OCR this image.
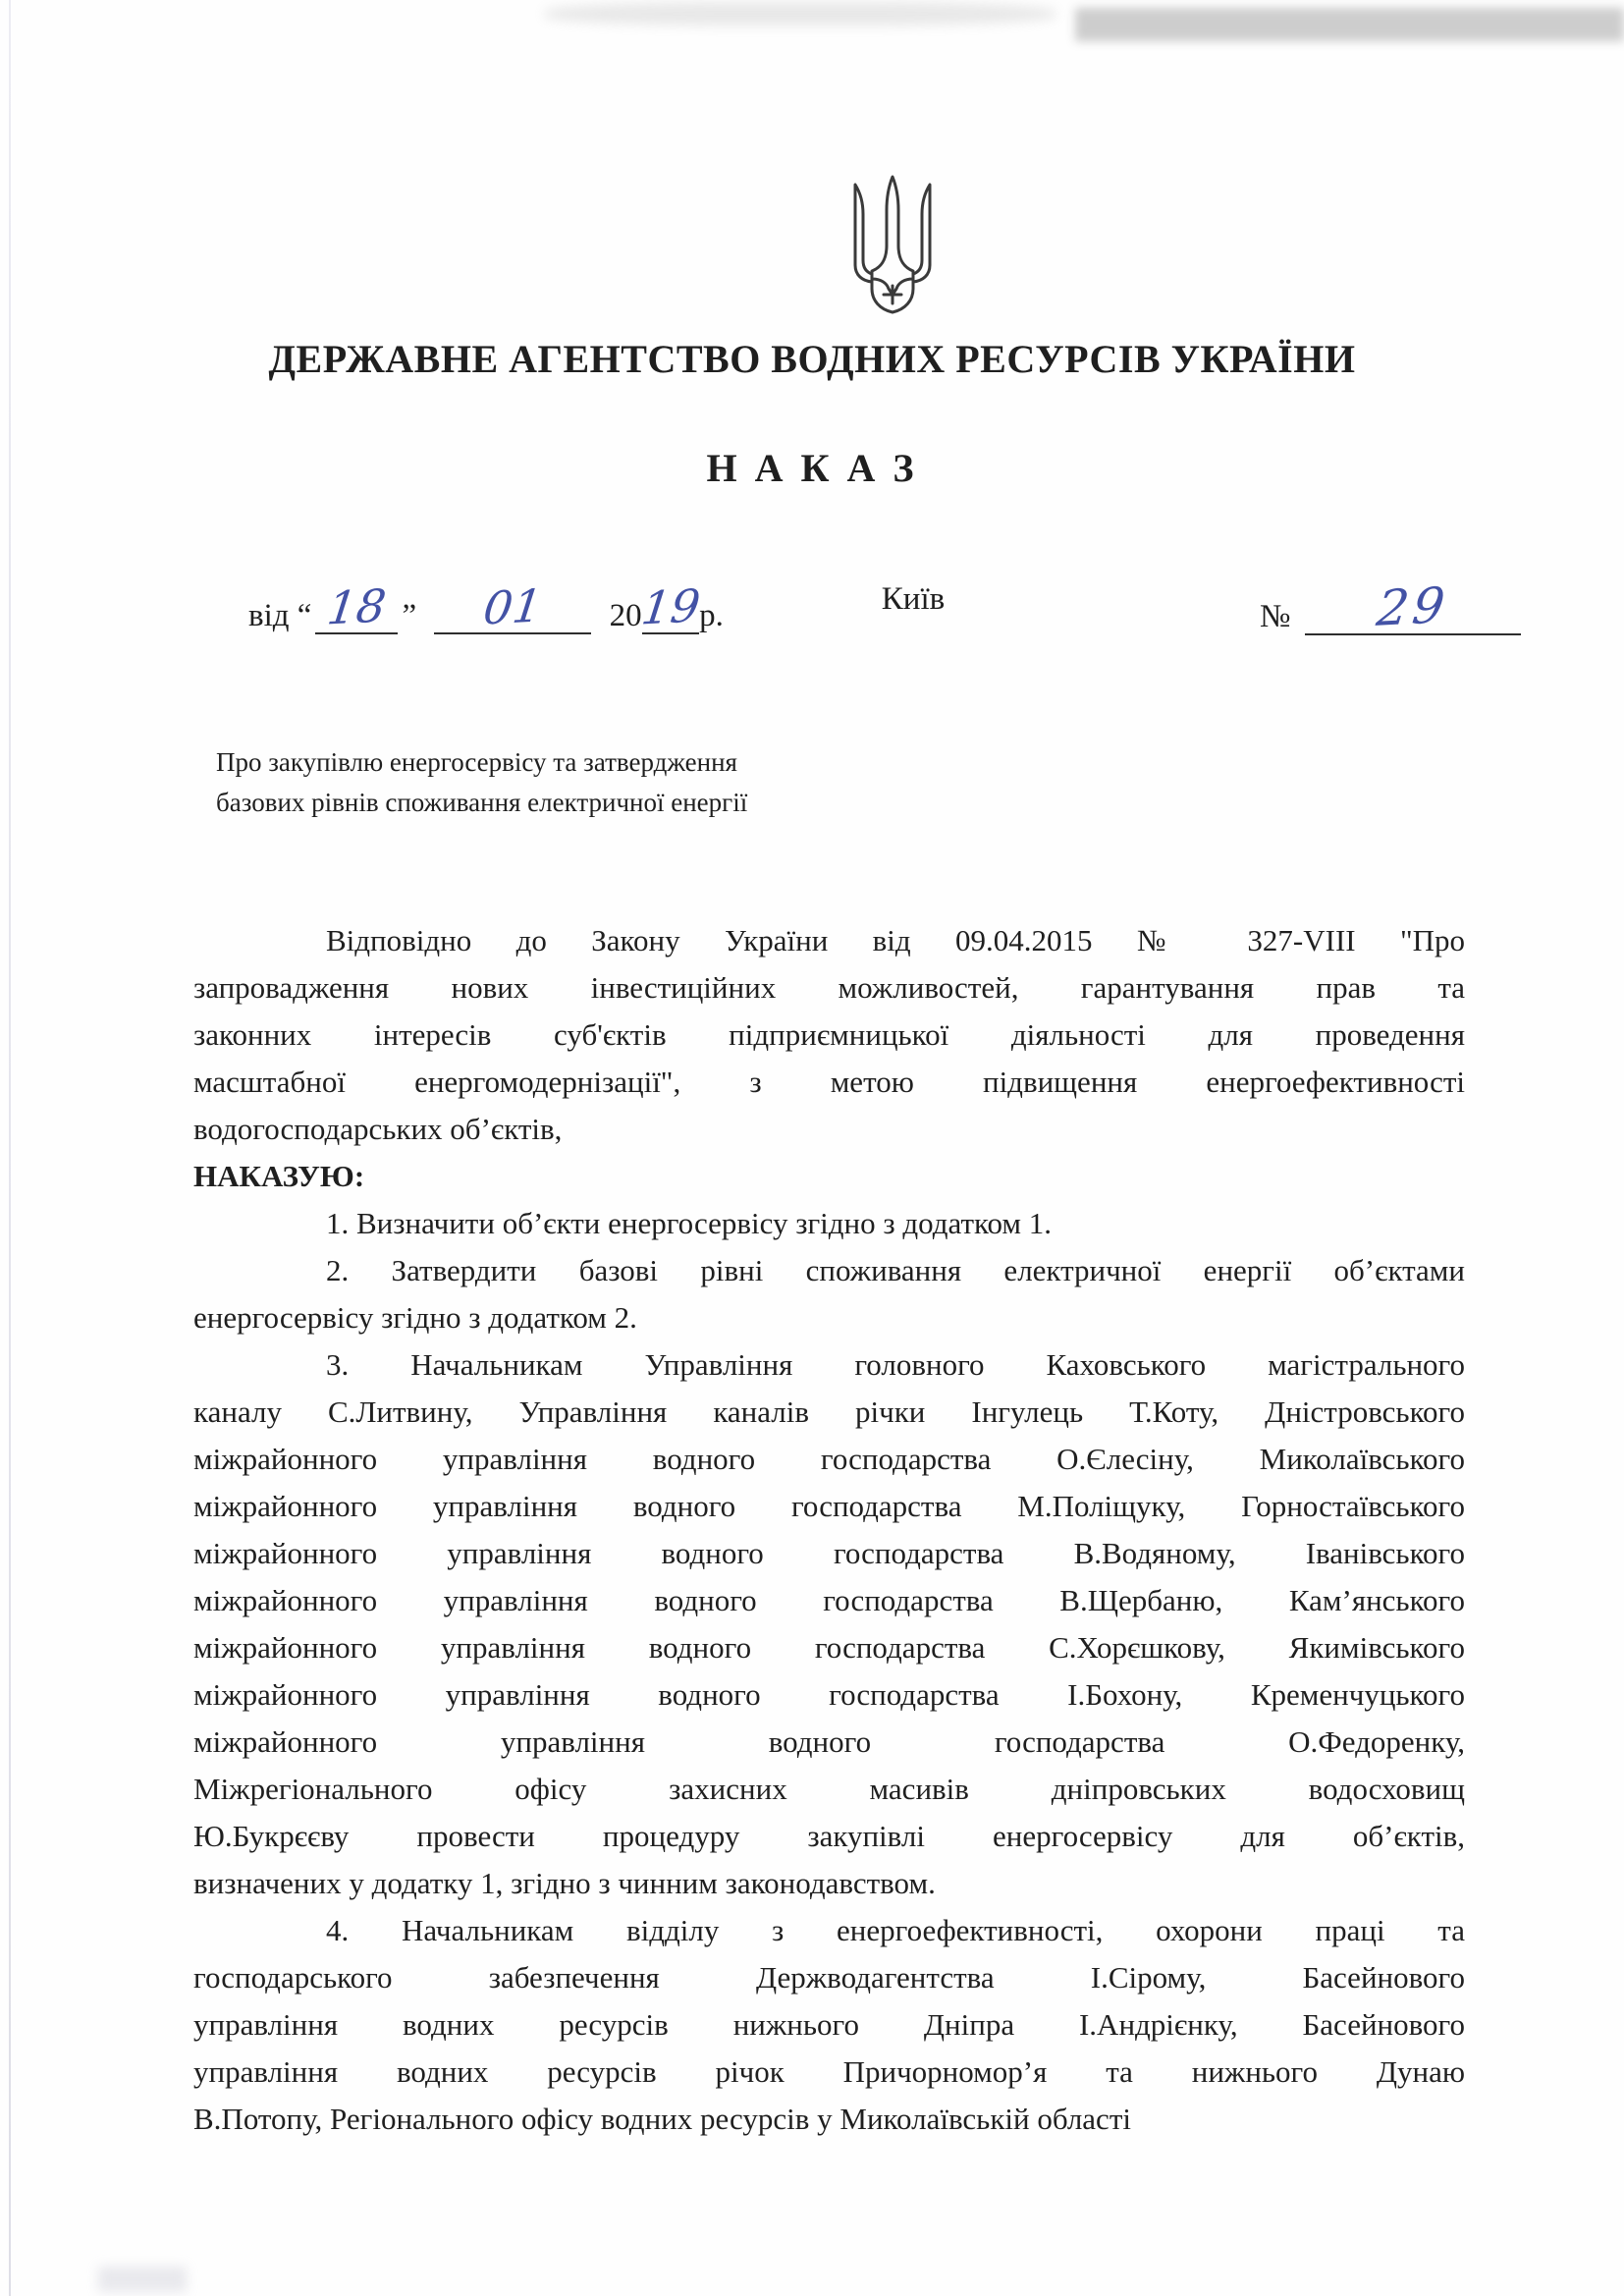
ДЕРЖАВНЕ АГЕНТСТВО ВОДНИХ РЕСУРСІВ УКРАЇНИ
Н А К А З
від “ 18 ” 01 2019р.	Київ	№ 29
Про закупівлю енергосервісу та затвердження
базових рівнів споживання електричної енергії
Відповідно до Закону України від 09.04.2015 № 327-VIII "Про
запровадження нових інвестиційних можливостей, гарантування прав та
законних інтересів суб'єктів підприємницької діяльності для проведення
масштабної енергомодернізації", з метою підвищення енергоефективності
водогосподарських об’єктів,
НАКАЗУЮ:
1. Визначити об’єкти енергосервісу згідно з додатком 1.
2. Затвердити базові рівні споживання електричної енергії об’єктами
енергосервісу згідно з додатком 2.
3. Начальникам Управління головного Каховського магістрального
каналу С.Литвину, Управління каналів річки Інгулець Т.Коту, Дністровського
міжрайонного управління водного господарства О.Єлесіну, Миколаївського
міжрайонного управління водного господарства М.Поліщуку, Горностаївського
міжрайонного управління водного господарства В.Водяному, Іванівського
міжрайонного управління водного господарства В.Щербаню, Кам’янського
міжрайонного управління водного господарства С.Хорєшкову, Якимівського
міжрайонного управління водного господарства І.Бохону, Кременчуцького
міжрайонного управління водного господарства О.Федоренку,
Міжрегіонального офісу захисних масивів дніпровських водосховищ
Ю.Букрєєву провести процедуру закупівлі енергосервісу для об’єктів,
визначених у додатку 1, згідно з чинним законодавством.
4. Начальникам відділу з енергоефективності, охорони праці та
господарського забезпечення Держводагентства І.Сірому, Басейнового
управління водних ресурсів нижнього Дніпра І.Андрієнку, Басейнового
управління водних ресурсів річок Причорномор’я та нижнього Дунаю
В.Потопу, Регіонального офісу водних ресурсів у Миколаївській області
